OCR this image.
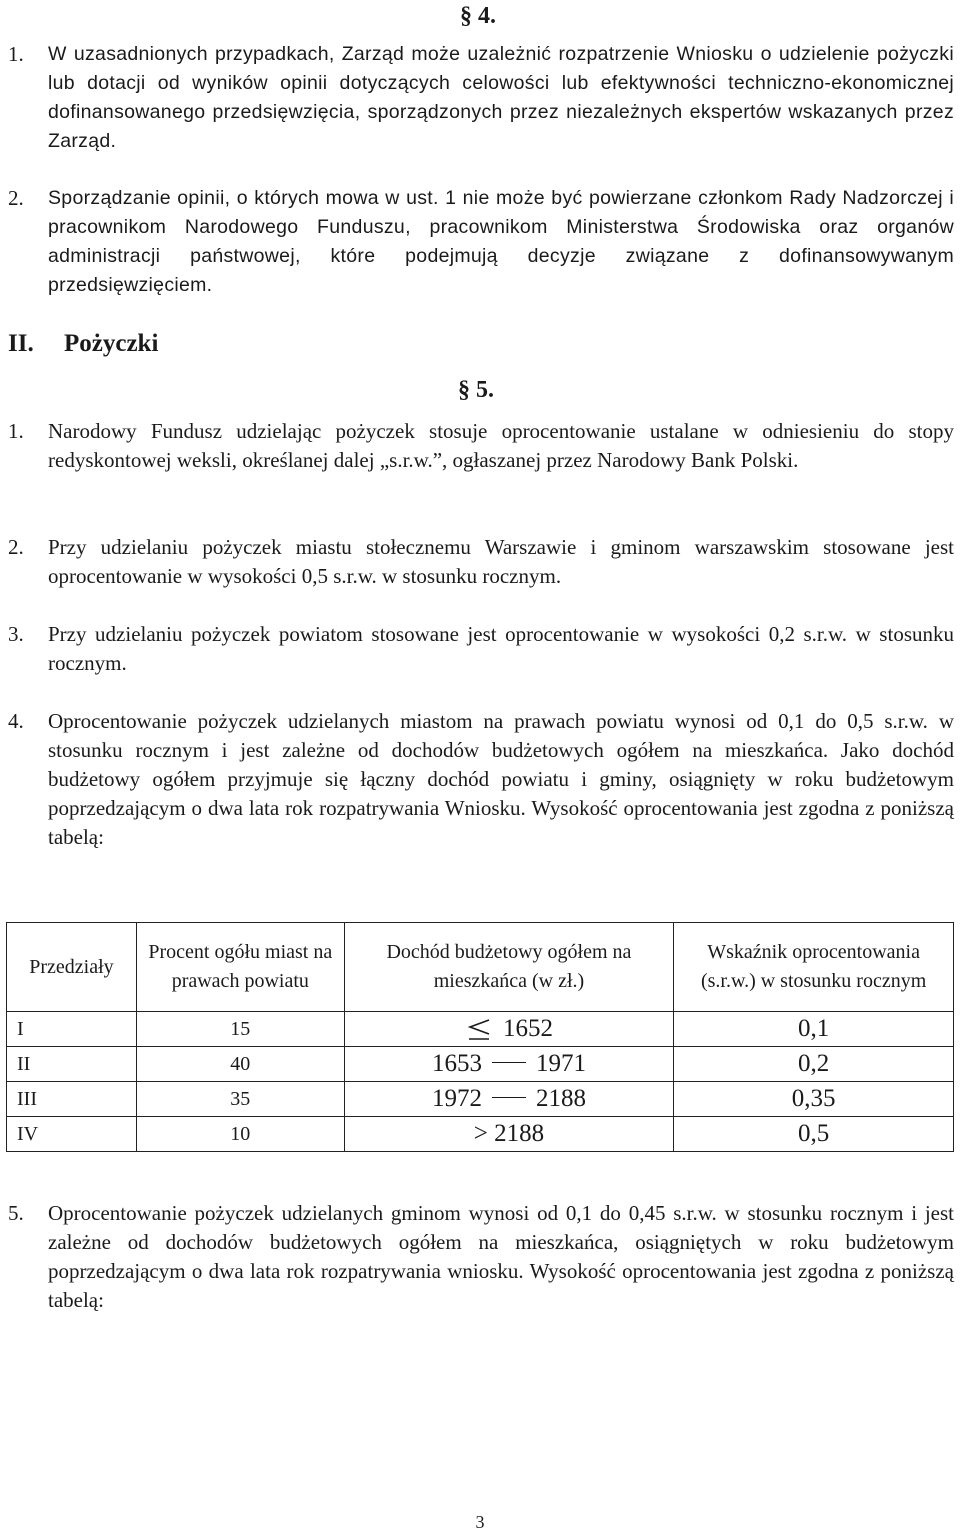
§ 4.
1. W uzasadnionych przypadkach, Zarząd może uzależnić rozpatrzenie Wniosku o udzielenie pożyczki lub dotacji od wyników opinii dotyczących celowości lub efektywności techniczno-ekonomicznej dofinansowanego przedsięwzięcia, sporządzonych przez niezależnych ekspertów wskazanych przez Zarząd.
2. Sporządzanie opinii, o których mowa w ust. 1 nie może być powierzane członkom Rady Nadzorczej i pracownikom Narodowego Funduszu, pracownikom Ministerstwa Środowiska oraz organów administracji państwowej, które podejmują decyzje związane z dofinansowywanym przedsięwzięciem.
II. Pożyczki
§ 5.
1. Narodowy Fundusz udzielając pożyczek stosuje oprocentowanie ustalane w odniesieniu do stopy redyskontowej weksli, określanej dalej „s.r.w.”, ogłaszanej przez Narodowy Bank Polski.
2. Przy udzielaniu pożyczek miastu stołecznemu Warszawie i gminom warszawskim stosowane jest oprocentowanie w wysokości 0,5 s.r.w. w stosunku rocznym.
3. Przy udzielaniu pożyczek powiatom stosowane jest oprocentowanie w wysokości 0,2 s.r.w. w stosunku rocznym.
4. Oprocentowanie pożyczek udzielanych miastom na prawach powiatu wynosi od 0,1 do 0,5 s.r.w. w stosunku rocznym i jest zależne od dochodów budżetowych ogółem na mieszkańca. Jako dochód budżetowy ogółem przyjmuje się łączny dochód powiatu i gminy, osiągnięty w roku budżetowym poprzedzającym o dwa lata rok rozpatrywania Wniosku. Wysokość oprocentowania jest zgodna z poniższą tabelą:
Przedziały	Procent ogółu miast na prawach powiatu	Dochód budżetowy ogółem na mieszkańca (w zł.)	Wskaźnik oprocentowania (s.r.w.) w stosunku rocznym
I	15	1652	0,1
II	40	1653 1971	0,2
III	35	1972 2188	0,35
IV	10	> 2188	0,5
5. Oprocentowanie pożyczek udzielanych gminom wynosi od 0,1 do 0,45 s.r.w. w stosunku rocznym i jest zależne od dochodów budżetowych ogółem na mieszkańca, osiągniętych w roku budżetowym poprzedzającym o dwa lata rok rozpatrywania wniosku. Wysokość oprocentowania jest zgodna z poniższą tabelą:
3
